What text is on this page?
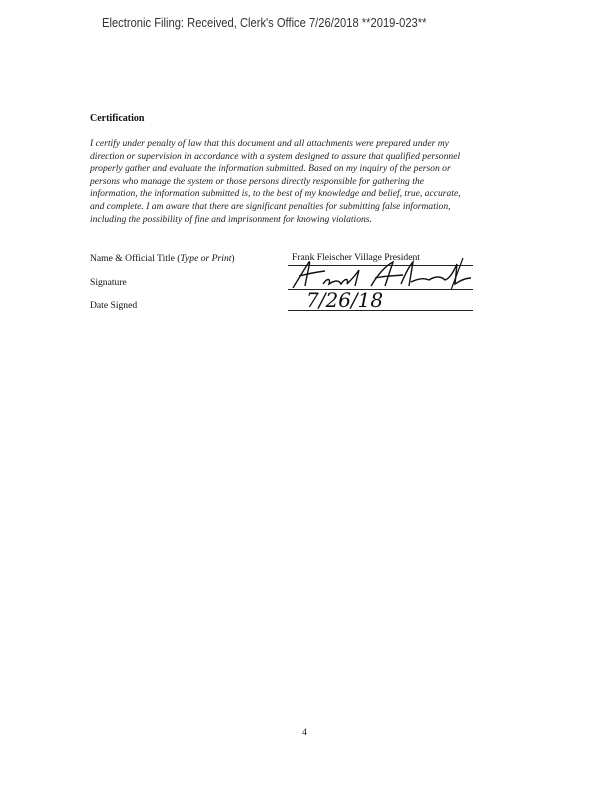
Electronic Filing: Received, Clerk's Office 7/26/2018 **2019-023**
Certification
I certify under penalty of law that this document and all attachments were prepared under my
direction or supervision in accordance with a system designed to assure that qualified personnel
properly gather and evaluate the information submitted. Based on my inquiry of the person or
persons who manage the system or those persons directly responsible for gathering the
information, the information submitted is, to the best of my knowledge and belief, true, accurate,
and complete. I am aware that there are significant penalties for submitting false information,
including the possibility of fine and imprisonment for knowing violations.
Name & Official Title (Type or Print)	Frank Fleischer Village President
Signature
Date Signed	7/26/18
4
